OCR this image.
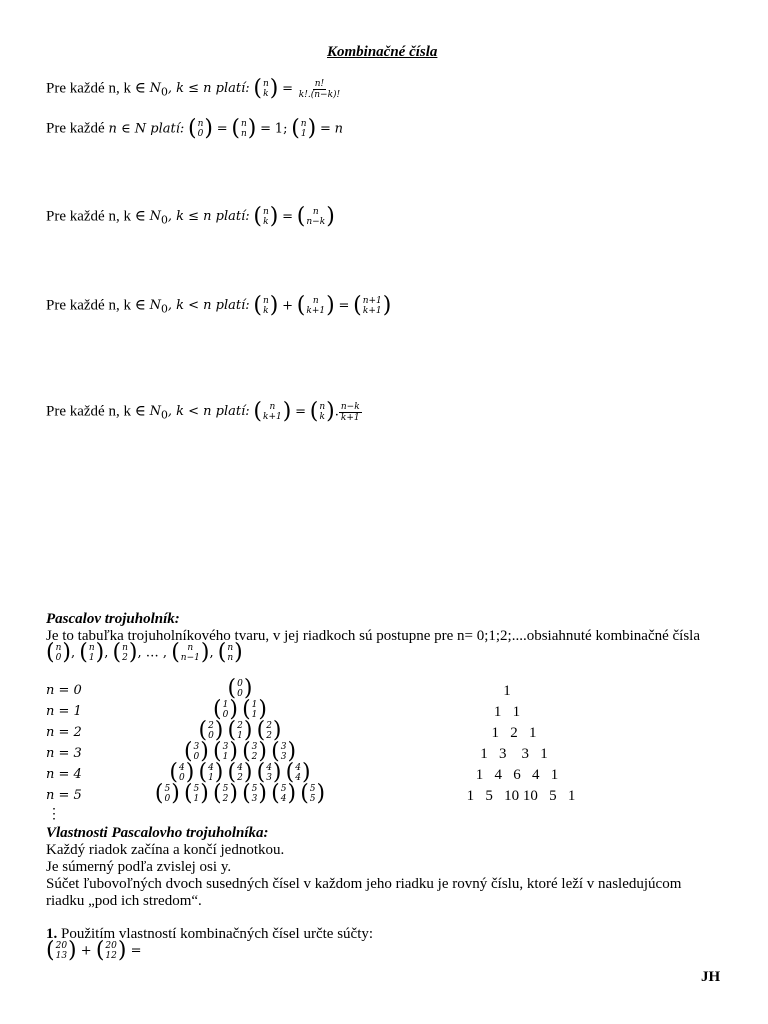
Kombinačné čísla
Pre každé n, k ∈ $N_0$, k ≤ n platí: ( n
k ) = $\frac{n!}{k!.(n-k)!}$
Pre každé n ∈ N platí: ( n
0 ) = ( n
n ) = 1; ( n
1 ) = n
Pre každé n, k ∈ $N_0$, k ≤ n platí: ( n
k ) = ( n
n−k )
Pre každé n, k ∈ $N_0$, k < n platí: ( n
k ) + ( n
k+1 ) = ( n+1
k+1 )
Pre každé n, k ∈ $N_0$, k < n platí: ( n
k+1 ) = ( n
k ) . $\frac{n-k}{k+1}$
Pascalov trojuholník:
Je to tabuľka trojuholníkového tvaru, v jej riadkoch sú postupne pre n= 0;1;2;....obsiahnuté kombinačné čísla
( n
0 ) , ( n
1 ) , ( n
2 ) , … , ( n
n−1 ) , ( n
n )
n = 0
n = 1
n = 2
n = 3
n = 4
n = 5
⋮
( 0
0 )
( 1
0 )
( 1
1 )
( 2
0 )
( 2
1 )
( 2
2 )
( 3
0 )
( 3
1 )
( 3
2 )
( 3
3 )
( 4
0 )
( 4
1 )
( 4
2 )
( 4
3 )
( 4
4 )
( 5
0 )
( 5
1 )
( 5
2 )
( 5
3 )
( 5
4 )
( 5
5 )
1
1   1
1   2   1
1   3    3   1
1   4   6   4   1
1   5   10 10   5   1
Vlastnosti Pascalovho trojuholníka:
Každý riadok začína a končí jednotkou.
Je súmerný podľa zvislej osi y.
Súčet ľubovoľných dvoch susedných čísel v každom jeho riadku je rovný číslu, ktoré leží v nasledujúcom
riadku „pod ich stredom“.
1. Použitím vlastností kombinačných čísel určte súčty:
( 20
13 ) + ( 20
12 ) =
JH
